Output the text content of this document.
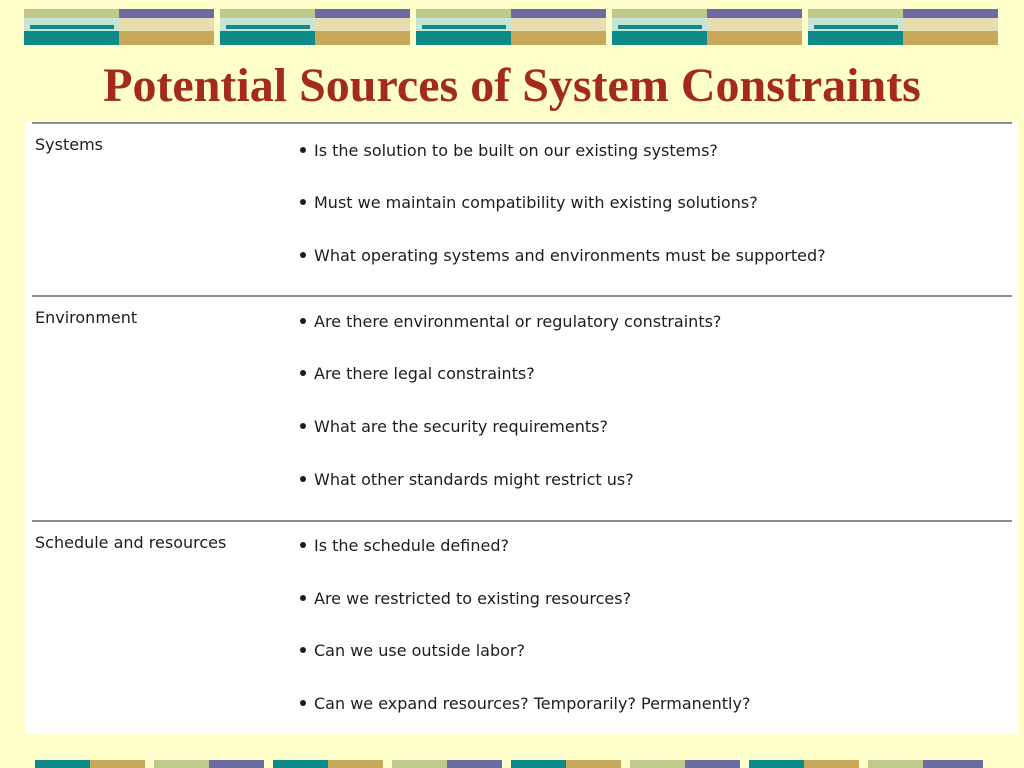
Potential Sources of System Constraints
Systems	Is the solution to be built on our existing systems?
Must we maintain compatibility with existing solutions?
What operating systems and environments must be supported?
Environment	Are there environmental or regulatory constraints?
Are there legal constraints?
What are the security requirements?
What other standards might restrict us?
Schedule and resources	Is the schedule defined?
Are we restricted to existing resources?
Can we use outside labor?
Can we expand resources? Temporarily? Permanently?
